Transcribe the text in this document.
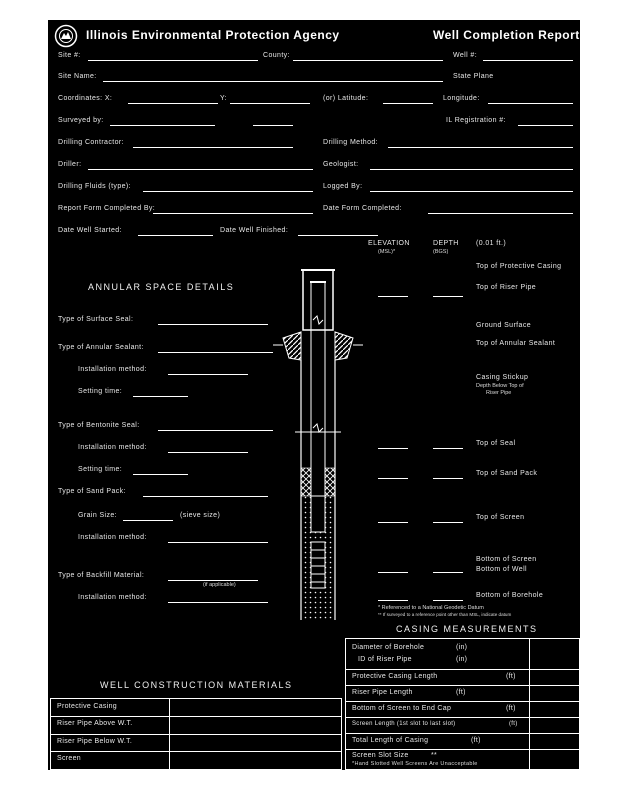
Illinois Environmental Protection Agency	Well Completion Report
Site #:	County:	Well #:
Site Name:	State Plane
Coordinates: X:	Y:	(or) Latitude:	Longitude:
Surveyed by:	IL Registration #:
Drilling Contractor:	Drilling Method:
Driller:	Geologist:
Drilling Fluids (type):	Logged By:
Report Form Completed By:	Date Form Completed:
Date Well Started:	Date Well Finished:
ELEVATION
(MSL)*
DEPTH
(BGS)
(0.01 ft.)
ANNULAR SPACE DETAILS
Type of Surface Seal:
Type of Annular Sealant:
Installation method:
Setting time:
Type of Bentonite Seal:
Installation method:
Setting time:
Type of Sand Pack:
Grain Size:	(sieve size)
Installation method:
Type of Backfill Material:
(if applicable)
Installation method:
Top of Protective Casing
Top of Riser Pipe
Ground Surface
Top of Annular Sealant
Casing Stickup
Depth Below Top of
Riser Pipe
Top of Seal
Top of Sand Pack
Top of Screen
Bottom of Screen
Bottom of Well
Bottom of Borehole
* Referenced to a National Geodetic Datum
** If surveyed to a reference point other than MSL, indicate datum
CASING MEASUREMENTS
Diameter of Borehole	(in)
ID of Riser Pipe	(in)
Protective Casing Length	(ft)
Riser Pipe Length	(ft)
Bottom of Screen to End Cap	(ft)
Screen Length (1st slot to last slot)	(ft)
Total Length of Casing	(ft)
Screen Slot Size	**
*Hand Slotted Well Screens Are Unacceptable
WELL CONSTRUCTION MATERIALS
Protective Casing
Riser Pipe Above W.T.
Riser Pipe Below W.T.
Screen
